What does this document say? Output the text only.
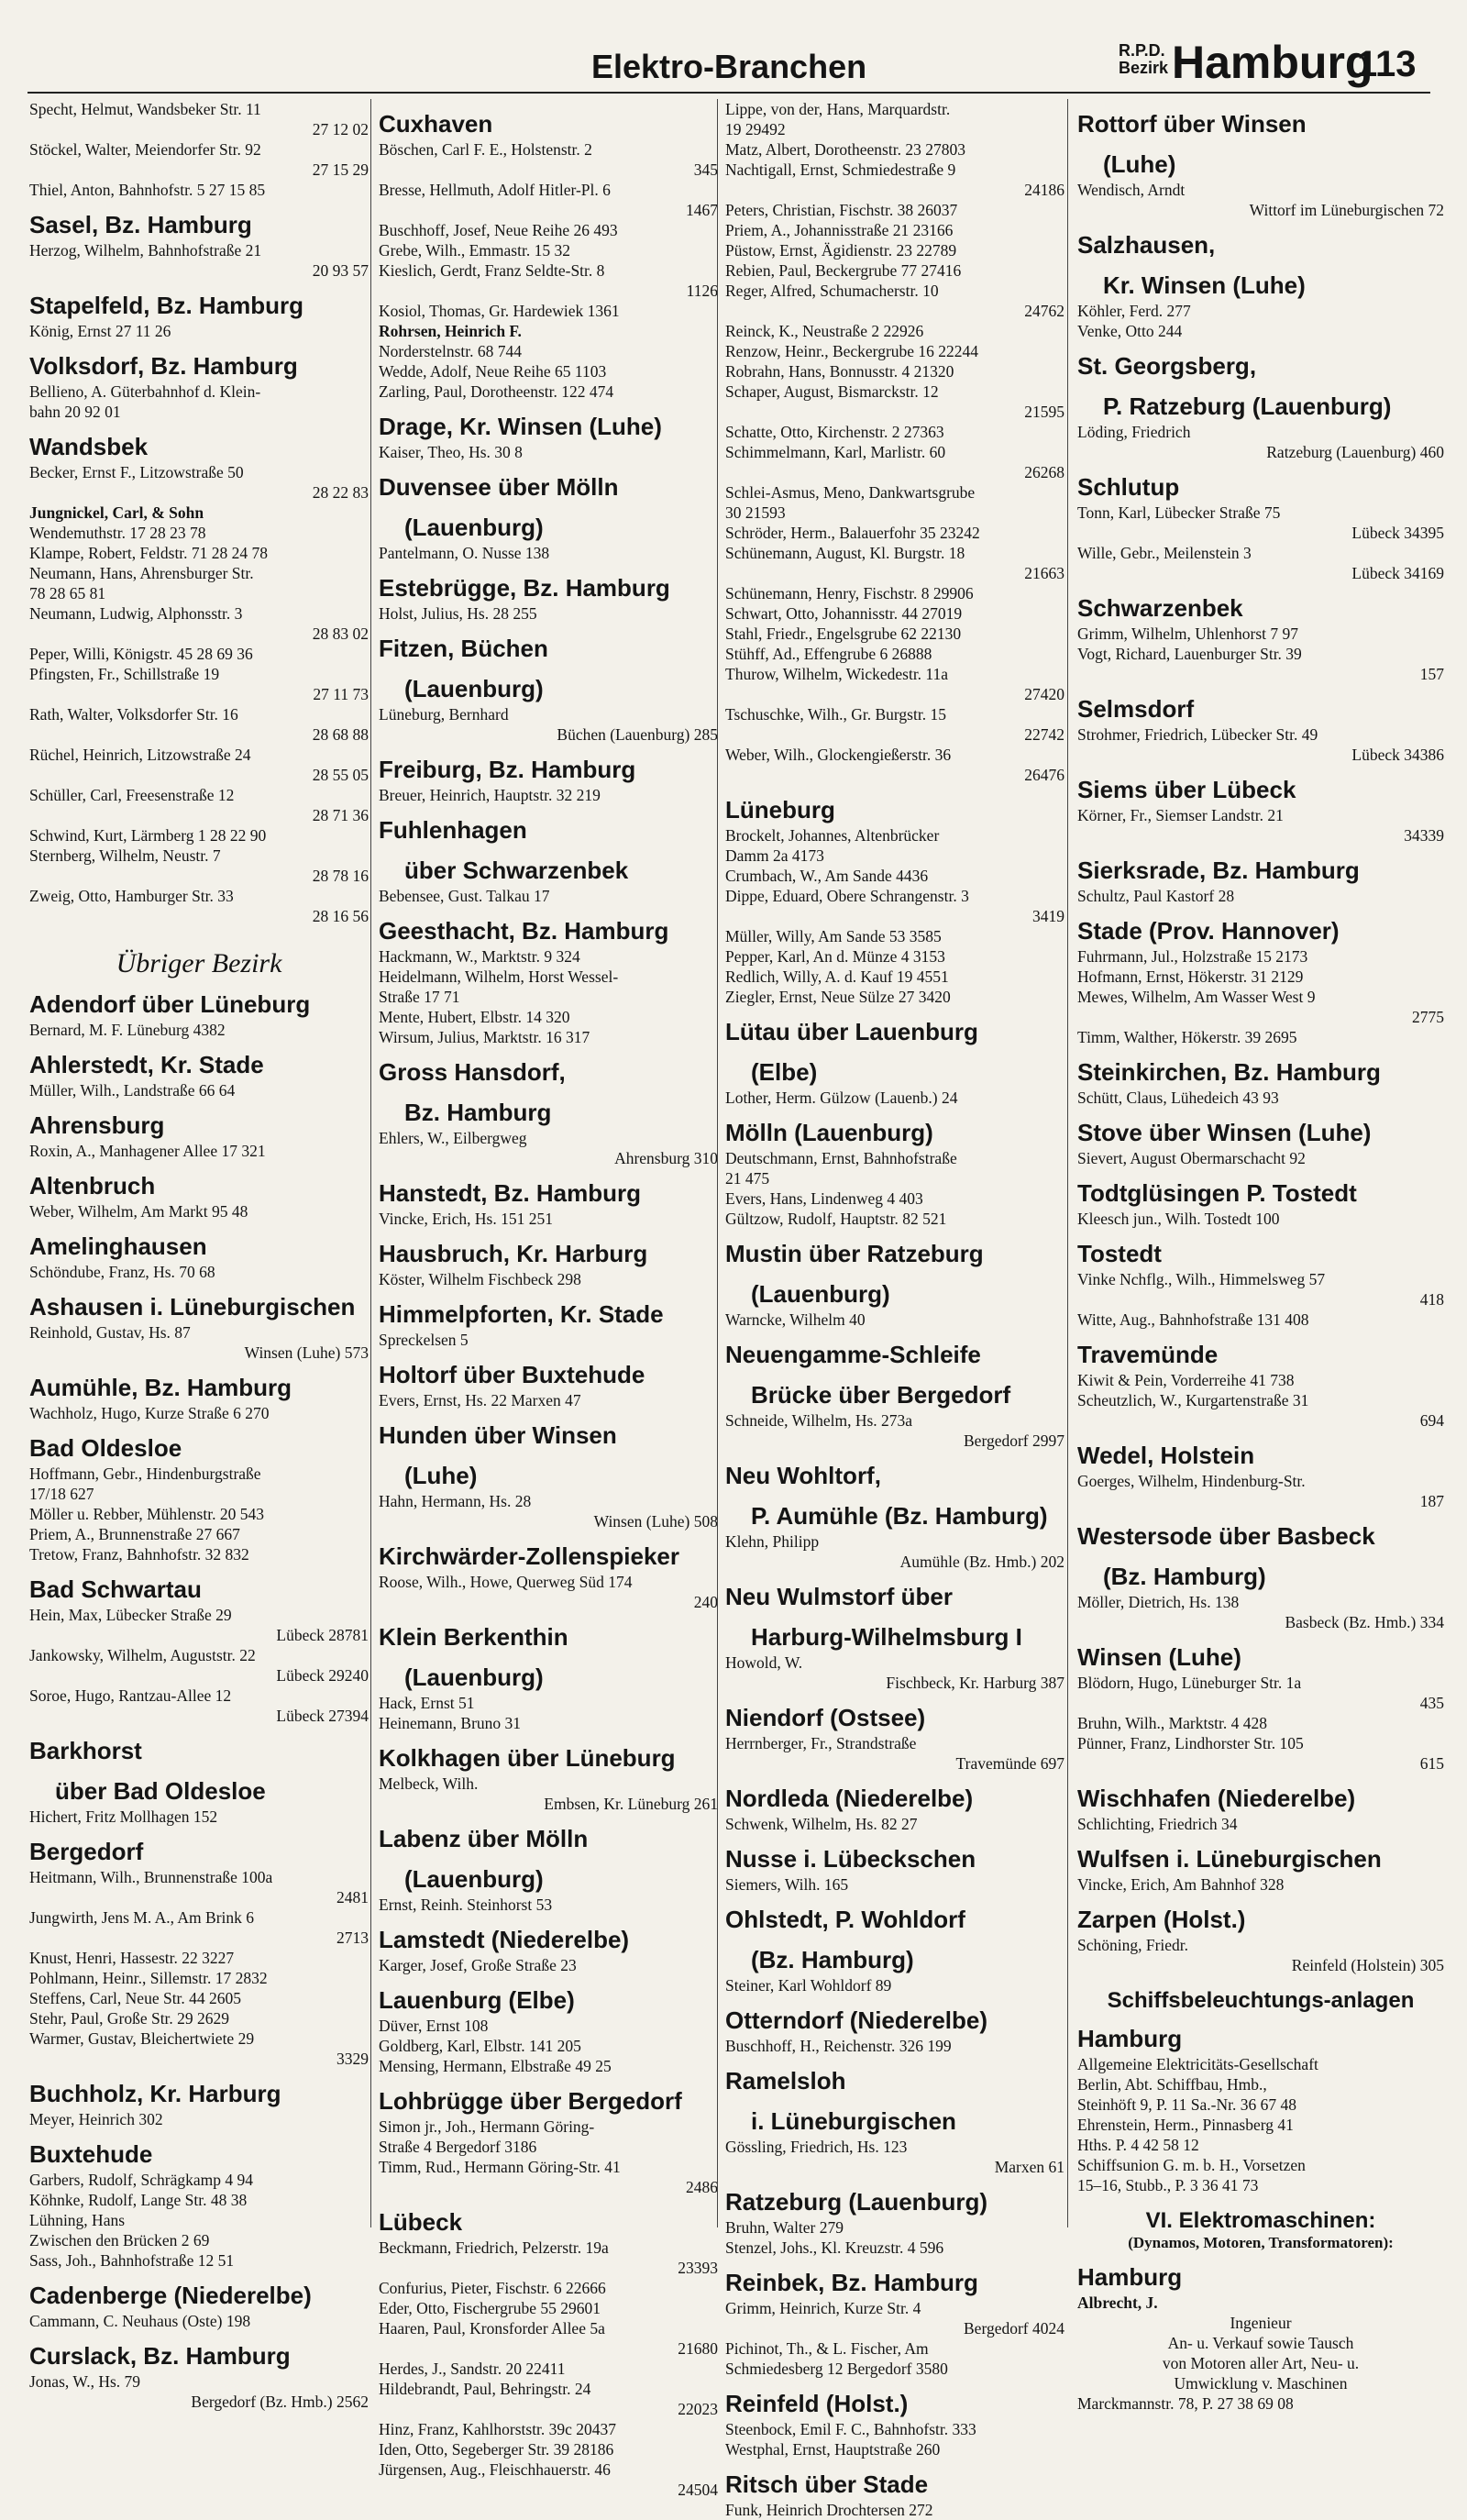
Elektro-Branchen	R.P.D.
Bezirk Hamburg
113
Specht, Helmut, Wandsbeker Str. 11
27 12 02
Stöckel, Walter, Meiendorfer Str. 92
27 15 29
Thiel, Anton, Bahnhofstr. 5 27 15 85
Sasel, Bz. Hamburg
Herzog, Wilhelm, Bahnhofstraße 21
20 93 57
Stapelfeld, Bz. Hamburg
König, Ernst 27 11 26
Volksdorf, Bz. Hamburg
Bellieno, A. Güterbahnhof d. Klein-
bahn 20 92 01
Wandsbek
Becker, Ernst F., Litzowstraße 50
28 22 83
Jungnickel, Carl, & Sohn
Wendemuthstr. 17 28 23 78
Klampe, Robert, Feldstr. 71 28 24 78
Neumann, Hans, Ahrensburger Str.
78 28 65 81
Neumann, Ludwig, Alphonsstr. 3
28 83 02
Peper, Willi, Königstr. 45 28 69 36
Pfingsten, Fr., Schillstraße 19
27 11 73
Rath, Walter, Volksdorfer Str. 16
28 68 88
Rüchel, Heinrich, Litzowstraße 24
28 55 05
Schüller, Carl, Freesenstraße 12
28 71 36
Schwind, Kurt, Lärmberg 1 28 22 90
Sternberg, Wilhelm, Neustr. 7
28 78 16
Zweig, Otto, Hamburger Str. 33
28 16 56
Übriger Bezirk
Adendorf über Lüneburg
Bernard, M. F. Lüneburg 4382
Ahlerstedt, Kr. Stade
Müller, Wilh., Landstraße 66 64
Ahrensburg
Roxin, A., Manhagener Allee 17 321
Altenbruch
Weber, Wilhelm, Am Markt 95 48
Amelinghausen
Schöndube, Franz, Hs. 70 68
Ashausen i. Lüneburgischen
Reinhold, Gustav, Hs. 87
Winsen (Luhe) 573
Aumühle, Bz. Hamburg
Wachholz, Hugo, Kurze Straße 6 270
Bad Oldesloe
Hoffmann, Gebr., Hindenburgstraße
17/18 627
Möller u. Rebber, Mühlenstr. 20 543
Priem, A., Brunnenstraße 27 667
Tretow, Franz, Bahnhofstr. 32 832
Bad Schwartau
Hein, Max, Lübecker Straße 29
Lübeck 28781
Jankowsky, Wilhelm, Auguststr. 22
Lübeck 29240
Soroe, Hugo, Rantzau-Allee 12
Lübeck 27394
Barkhorst
über Bad Oldesloe
Hichert, Fritz Mollhagen 152
Bergedorf
Heitmann, Wilh., Brunnenstraße 100a
2481
Jungwirth, Jens M. A., Am Brink 6
2713
Knust, Henri, Hassestr. 22 3227
Pohlmann, Heinr., Sillemstr. 17 2832
Steffens, Carl, Neue Str. 44 2605
Stehr, Paul, Große Str. 29 2629
Warmer, Gustav, Bleichertwiete 29
3329
Buchholz, Kr. Harburg
Meyer, Heinrich 302
Buxtehude
Garbers, Rudolf, Schrägkamp 4 94
Köhnke, Rudolf, Lange Str. 48 38
Lühning, Hans
Zwischen den Brücken 2 69
Sass, Joh., Bahnhofstraße 12 51
Cadenberge (Niederelbe)
Cammann, C. Neuhaus (Oste) 198
Curslack, Bz. Hamburg
Jonas, W., Hs. 79
Bergedorf (Bz. Hmb.) 2562
Cuxhaven
Böschen, Carl F. E., Holstenstr. 2
345
Bresse, Hellmuth, Adolf Hitler-Pl. 6
1467
Buschhoff, Josef, Neue Reihe 26 493
Grebe, Wilh., Emmastr. 15 32
Kieslich, Gerdt, Franz Seldte-Str. 8
1126
Kosiol, Thomas, Gr. Hardewiek 1361
Rohrsen, Heinrich F.
Norderstelnstr. 68 744
Wedde, Adolf, Neue Reihe 65 1103
Zarling, Paul, Dorotheenstr. 122 474
Drage, Kr. Winsen (Luhe)
Kaiser, Theo, Hs. 30 8
Duvensee über Mölln
(Lauenburg)
Pantelmann, O. Nusse 138
Estebrügge, Bz. Hamburg
Holst, Julius, Hs. 28 255
Fitzen, Büchen
(Lauenburg)
Lüneburg, Bernhard
Büchen (Lauenburg) 285
Freiburg, Bz. Hamburg
Breuer, Heinrich, Hauptstr. 32 219
Fuhlenhagen
über Schwarzenbek
Bebensee, Gust. Talkau 17
Geesthacht, Bz. Hamburg
Hackmann, W., Marktstr. 9 324
Heidelmann, Wilhelm, Horst Wessel-
Straße 17 71
Mente, Hubert, Elbstr. 14 320
Wirsum, Julius, Marktstr. 16 317
Gross Hansdorf,
Bz. Hamburg
Ehlers, W., Eilbergweg
Ahrensburg 310
Hanstedt, Bz. Hamburg
Vincke, Erich, Hs. 151 251
Hausbruch, Kr. Harburg
Köster, Wilhelm Fischbeck 298
Himmelpforten, Kr. Stade
Spreckelsen 5
Holtorf über Buxtehude
Evers, Ernst, Hs. 22 Marxen 47
Hunden über Winsen
(Luhe)
Hahn, Hermann, Hs. 28
Winsen (Luhe) 508
Kirchwärder-Zollenspieker
Roose, Wilh., Howe, Querweg Süd 174
240
Klein Berkenthin
(Lauenburg)
Hack, Ernst 51
Heinemann, Bruno 31
Kolkhagen über Lüneburg
Melbeck, Wilh.
Embsen, Kr. Lüneburg 261
Labenz über Mölln
(Lauenburg)
Ernst, Reinh. Steinhorst 53
Lamstedt (Niederelbe)
Karger, Josef, Große Straße 23
Lauenburg (Elbe)
Düver, Ernst 108
Goldberg, Karl, Elbstr. 141 205
Mensing, Hermann, Elbstraße 49 25
Lohbrügge über Bergedorf
Simon jr., Joh., Hermann Göring-
Straße 4 Bergedorf 3186
Timm, Rud., Hermann Göring-Str. 41
2486
Lübeck
Beckmann, Friedrich, Pelzerstr. 19a
23393
Confurius, Pieter, Fischstr. 6 22666
Eder, Otto, Fischergrube 55 29601
Haaren, Paul, Kronsforder Allee 5a
21680
Herdes, J., Sandstr. 20 22411
Hildebrandt, Paul, Behringstr. 24
22023
Hinz, Franz, Kahlhorststr. 39c 20437
Iden, Otto, Segeberger Str. 39 28186
Jürgensen, Aug., Fleischhauerstr. 46
24504
Lippe, von der, Hans, Marquardstr.
19 29492
Matz, Albert, Dorotheenstr. 23 27803
Nachtigall, Ernst, Schmiedestraße 9
24186
Peters, Christian, Fischstr. 38 26037
Priem, A., Johannisstraße 21 23166
Püstow, Ernst, Ägidienstr. 23 22789
Rebien, Paul, Beckergrube 77 27416
Reger, Alfred, Schumacherstr. 10
24762
Reinck, K., Neustraße 2 22926
Renzow, Heinr., Beckergrube 16 22244
Robrahn, Hans, Bonnusstr. 4 21320
Schaper, August, Bismarckstr. 12
21595
Schatte, Otto, Kirchenstr. 2 27363
Schimmelmann, Karl, Marlistr. 60
26268
Schlei-Asmus, Meno, Dankwartsgrube
30 21593
Schröder, Herm., Balauerfohr 35 23242
Schünemann, August, Kl. Burgstr. 18
21663
Schünemann, Henry, Fischstr. 8 29906
Schwart, Otto, Johannisstr. 44 27019
Stahl, Friedr., Engelsgrube 62 22130
Stühff, Ad., Effengrube 6 26888
Thurow, Wilhelm, Wickedestr. 11a
27420
Tschuschke, Wilh., Gr. Burgstr. 15
22742
Weber, Wilh., Glockengießerstr. 36
26476
Lüneburg
Brockelt, Johannes, Altenbrücker
Damm 2a 4173
Crumbach, W., Am Sande 4436
Dippe, Eduard, Obere Schrangenstr. 3
3419
Müller, Willy, Am Sande 53 3585
Pepper, Karl, An d. Münze 4 3153
Redlich, Willy, A. d. Kauf 19 4551
Ziegler, Ernst, Neue Sülze 27 3420
Lütau über Lauenburg
(Elbe)
Lother, Herm. Gülzow (Lauenb.) 24
Mölln (Lauenburg)
Deutschmann, Ernst, Bahnhofstraße
21 475
Evers, Hans, Lindenweg 4 403
Gültzow, Rudolf, Hauptstr. 82 521
Mustin über Ratzeburg
(Lauenburg)
Warncke, Wilhelm 40
Neuengamme-Schleife
Brücke über Bergedorf
Schneide, Wilhelm, Hs. 273a
Bergedorf 2997
Neu Wohltorf,
P. Aumühle (Bz. Hamburg)
Klehn, Philipp
Aumühle (Bz. Hmb.) 202
Neu Wulmstorf über
Harburg-Wilhelmsburg I
Howold, W.
Fischbeck, Kr. Harburg 387
Niendorf (Ostsee)
Herrnberger, Fr., Strandstraße
Travemünde 697
Nordleda (Niederelbe)
Schwenk, Wilhelm, Hs. 82 27
Nusse i. Lübeckschen
Siemers, Wilh. 165
Ohlstedt, P. Wohldorf
(Bz. Hamburg)
Steiner, Karl Wohldorf 89
Otterndorf (Niederelbe)
Buschhoff, H., Reichenstr. 326 199
Ramelsloh
i. Lüneburgischen
Gössling, Friedrich, Hs. 123
Marxen 61
Ratzeburg (Lauenburg)
Bruhn, Walter 279
Stenzel, Johs., Kl. Kreuzstr. 4 596
Reinbek, Bz. Hamburg
Grimm, Heinrich, Kurze Str. 4
Bergedorf 4024
Pichinot, Th., & L. Fischer, Am
Schmiedesberg 12 Bergedorf 3580
Reinfeld (Holst.)
Steenbock, Emil F. C., Bahnhofstr. 333
Westphal, Ernst, Hauptstraße 260
Ritsch über Stade
Funk, Heinrich Drochtersen 272
Rottorf über Winsen
(Luhe)
Wendisch, Arndt
Wittorf im Lüneburgischen 72
Salzhausen,
Kr. Winsen (Luhe)
Köhler, Ferd. 277
Venke, Otto 244
St. Georgsberg,
P. Ratzeburg (Lauenburg)
Löding, Friedrich
Ratzeburg (Lauenburg) 460
Schlutup
Tonn, Karl, Lübecker Straße 75
Lübeck 34395
Wille, Gebr., Meilenstein 3
Lübeck 34169
Schwarzenbek
Grimm, Wilhelm, Uhlenhorst 7 97
Vogt, Richard, Lauenburger Str. 39
157
Selmsdorf
Strohmer, Friedrich, Lübecker Str. 49
Lübeck 34386
Siems über Lübeck
Körner, Fr., Siemser Landstr. 21
34339
Sierksrade, Bz. Hamburg
Schultz, Paul Kastorf 28
Stade (Prov. Hannover)
Fuhrmann, Jul., Holzstraße 15 2173
Hofmann, Ernst, Hökerstr. 31 2129
Mewes, Wilhelm, Am Wasser West 9
2775
Timm, Walther, Hökerstr. 39 2695
Steinkirchen, Bz. Hamburg
Schütt, Claus, Lühedeich 43 93
Stove über Winsen (Luhe)
Sievert, August Obermarschacht 92
Todtglüsingen P. Tostedt
Kleesch jun., Wilh. Tostedt 100
Tostedt
Vinke Nchflg., Wilh., Himmelsweg 57
418
Witte, Aug., Bahnhofstraße 131 408
Travemünde
Kiwit & Pein, Vorderreihe 41 738
Scheutzlich, W., Kurgartenstraße 31
694
Wedel, Holstein
Goerges, Wilhelm, Hindenburg-Str.
187
Westersode über Basbeck
(Bz. Hamburg)
Möller, Dietrich, Hs. 138
Basbeck (Bz. Hmb.) 334
Winsen (Luhe)
Blödorn, Hugo, Lüneburger Str. 1a
435
Bruhn, Wilh., Marktstr. 4 428
Pünner, Franz, Lindhorster Str. 105
615
Wischhafen (Niederelbe)
Schlichting, Friedrich 34
Wulfsen i. Lüneburgischen
Vincke, Erich, Am Bahnhof 328
Zarpen (Holst.)
Schöning, Friedr.
Reinfeld (Holstein) 305
Schiffsbeleuchtungs-anlagen
Hamburg
Allgemeine Elektricitäts-Gesellschaft
Berlin, Abt. Schiffbau, Hmb.,
Steinhöft 9, P. 11 Sa.-Nr. 36 67 48
Ehrenstein, Herm., Pinnasberg 41
Hths. P. 4 42 58 12
Schiffsunion G. m. b. H., Vorsetzen
15–16, Stubb., P. 3 36 41 73
VI. Elektromaschinen:
(Dynamos, Motoren, Transformatoren):
Hamburg
Albrecht, J.
Ingenieur
An- u. Verkauf sowie Tausch
von Motoren aller Art, Neu- u.
Umwicklung v. Maschinen
Marckmannstr. 78, P. 27 38 69 08
